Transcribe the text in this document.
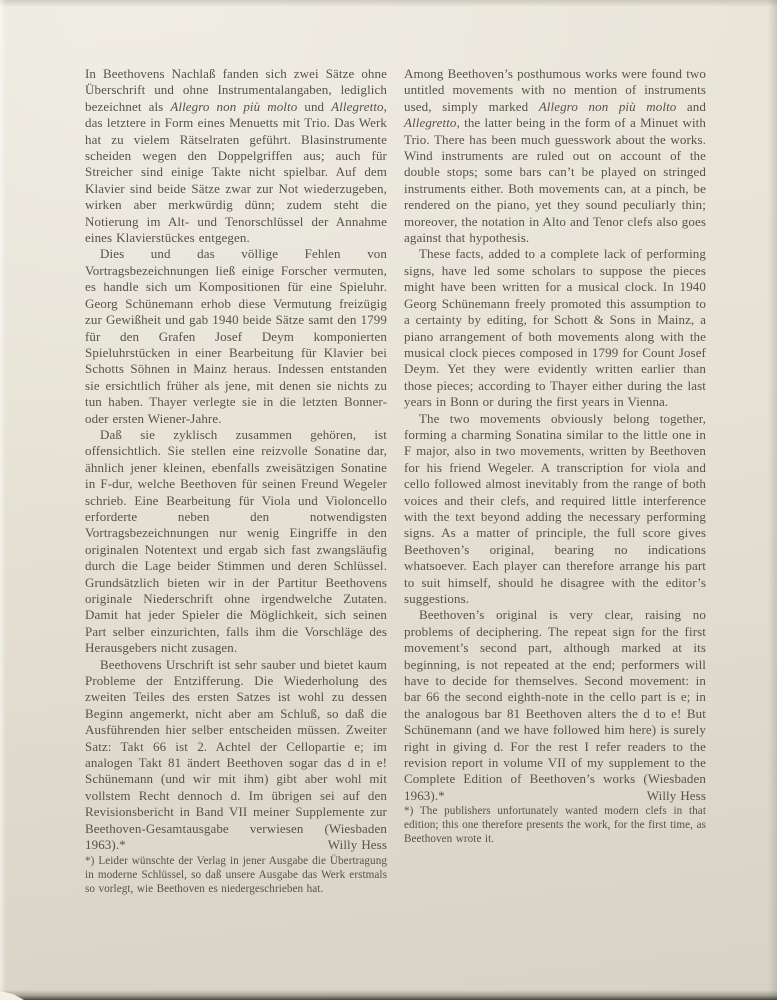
In Beethovens Nachlaß fanden sich zwei Sätze ohne Überschrift und ohne Instrumentalangaben, lediglich bezeichnet als Allegro non più molto und Allegretto, das letztere in Form eines Menuetts mit Trio. Das Werk hat zu vielem Rätselraten geführt. Blasinstrumente scheiden wegen den Doppelgriffen aus; auch für Streicher sind einige Takte nicht spielbar. Auf dem Klavier sind beide Sätze zwar zur Not wiederzugeben, wirken aber merkwürdig dünn; zudem steht die Notierung im Alt- und Tenorschlüssel der Annahme eines Klavierstückes entgegen.

Dies und das völlige Fehlen von Vortragsbezeichnungen ließ einige Forscher vermuten, es handle sich um Kompositionen für eine Spieluhr. Georg Schünemann erhob diese Vermutung freizügig zur Gewißheit und gab 1940 beide Sätze samt den 1799 für den Grafen Josef Deym komponierten Spieluhrstücken in einer Bearbeitung für Klavier bei Schotts Söhnen in Mainz heraus. Indessen entstanden sie ersichtlich früher als jene, mit denen sie nichts zu tun haben. Thayer verlegte sie in die letzten Bonner- oder ersten Wiener-Jahre.

Daß sie zyklisch zusammen gehören, ist offensichtlich. Sie stellen eine reizvolle Sonatine dar, ähnlich jener kleinen, ebenfalls zweisätzigen Sonatine in F-dur, welche Beethoven für seinen Freund Wegeler schrieb. Eine Bearbeitung für Viola und Violoncello erforderte neben den notwendigsten Vortragsbezeichnungen nur wenig Eingriffe in den originalen Notentext und ergab sich fast zwangsläufig durch die Lage beider Stimmen und deren Schlüssel. Grundsätzlich bieten wir in der Partitur Beethovens originale Niederschrift ohne irgendwelche Zutaten. Damit hat jeder Spieler die Möglichkeit, sich seinen Part selber einzurichten, falls ihm die Vorschläge des Herausgebers nicht zusagen.

Beethovens Urschrift ist sehr sauber und bietet kaum Probleme der Entzifferung. Die Wiederholung des zweiten Teiles des ersten Satzes ist wohl zu dessen Beginn angemerkt, nicht aber am Schluß, so daß die Ausführenden hier selber entscheiden müssen. Zweiter Satz: Takt 66 ist 2. Achtel der Cellopartie e; im analogen Takt 81 ändert Beethoven sogar das d in e! Schünemann (und wir mit ihm) gibt aber wohl mit vollstem Recht dennoch d. Im übrigen sei auf den Revisionsbericht in Band VII meiner Supplemente zur Beethoven-Gesamtausgabe verwiesen (Wiesbaden 1963).*	Willy Hess

*) Leider wünschte der Verlag in jener Ausgabe die Übertragung in moderne Schlüssel, so daß unsere Ausgabe das Werk erstmals so vorlegt, wie Beethoven es niedergeschrieben hat.

Among Beethoven’s posthumous works were found two untitled movements with no mention of instruments used, simply marked Allegro non più molto and Allegretto, the latter being in the form of a Minuet with Trio. There has been much guesswork about the works. Wind instruments are ruled out on account of the double stops; some bars can’t be played on stringed instruments either. Both movements can, at a pinch, be rendered on the piano, yet they sound peculiarly thin; moreover, the notation in Alto and Tenor clefs also goes against that hypothesis.

These facts, added to a complete lack of performing signs, have led some scholars to suppose the pieces might have been written for a musical clock. In 1940 Georg Schünemann freely promoted this assumption to a certainty by editing, for Schott & Sons in Mainz, a piano arrangement of both movements along with the musical clock pieces composed in 1799 for Count Josef Deym. Yet they were evidently written earlier than those pieces; according to Thayer either during the last years in Bonn or during the first years in Vienna.

The two movements obviously belong together, forming a charming Sonatina similar to the little one in F major, also in two movements, written by Beethoven for his friend Wegeler. A transcription for viola and cello followed almost inevitably from the range of both voices and their clefs, and required little interference with the text beyond adding the necessary performing signs. As a matter of principle, the full score gives Beethoven’s original, bearing no indications whatsoever. Each player can therefore arrange his part to suit himself, should he disagree with the editor’s suggestions.

Beethoven’s original is very clear, raising no problems of deciphering. The repeat sign for the first movement’s second part, although marked at its beginning, is not repeated at the end; performers will have to decide for themselves. Second movement: in bar 66 the second eighth-note in the cello part is e; in the analogous bar 81 Beethoven alters the d to e! But Schünemann (and we have followed him here) is surely right in giving d. For the rest I refer readers to the revision report in volume VII of my supplement to the Complete Edition of Beethoven’s works (Wiesbaden 1963).*	Willy Hess

*) The publishers unfortunately wanted modern clefs in that edition; this one therefore presents the work, for the first time, as Beethoven wrote it.
